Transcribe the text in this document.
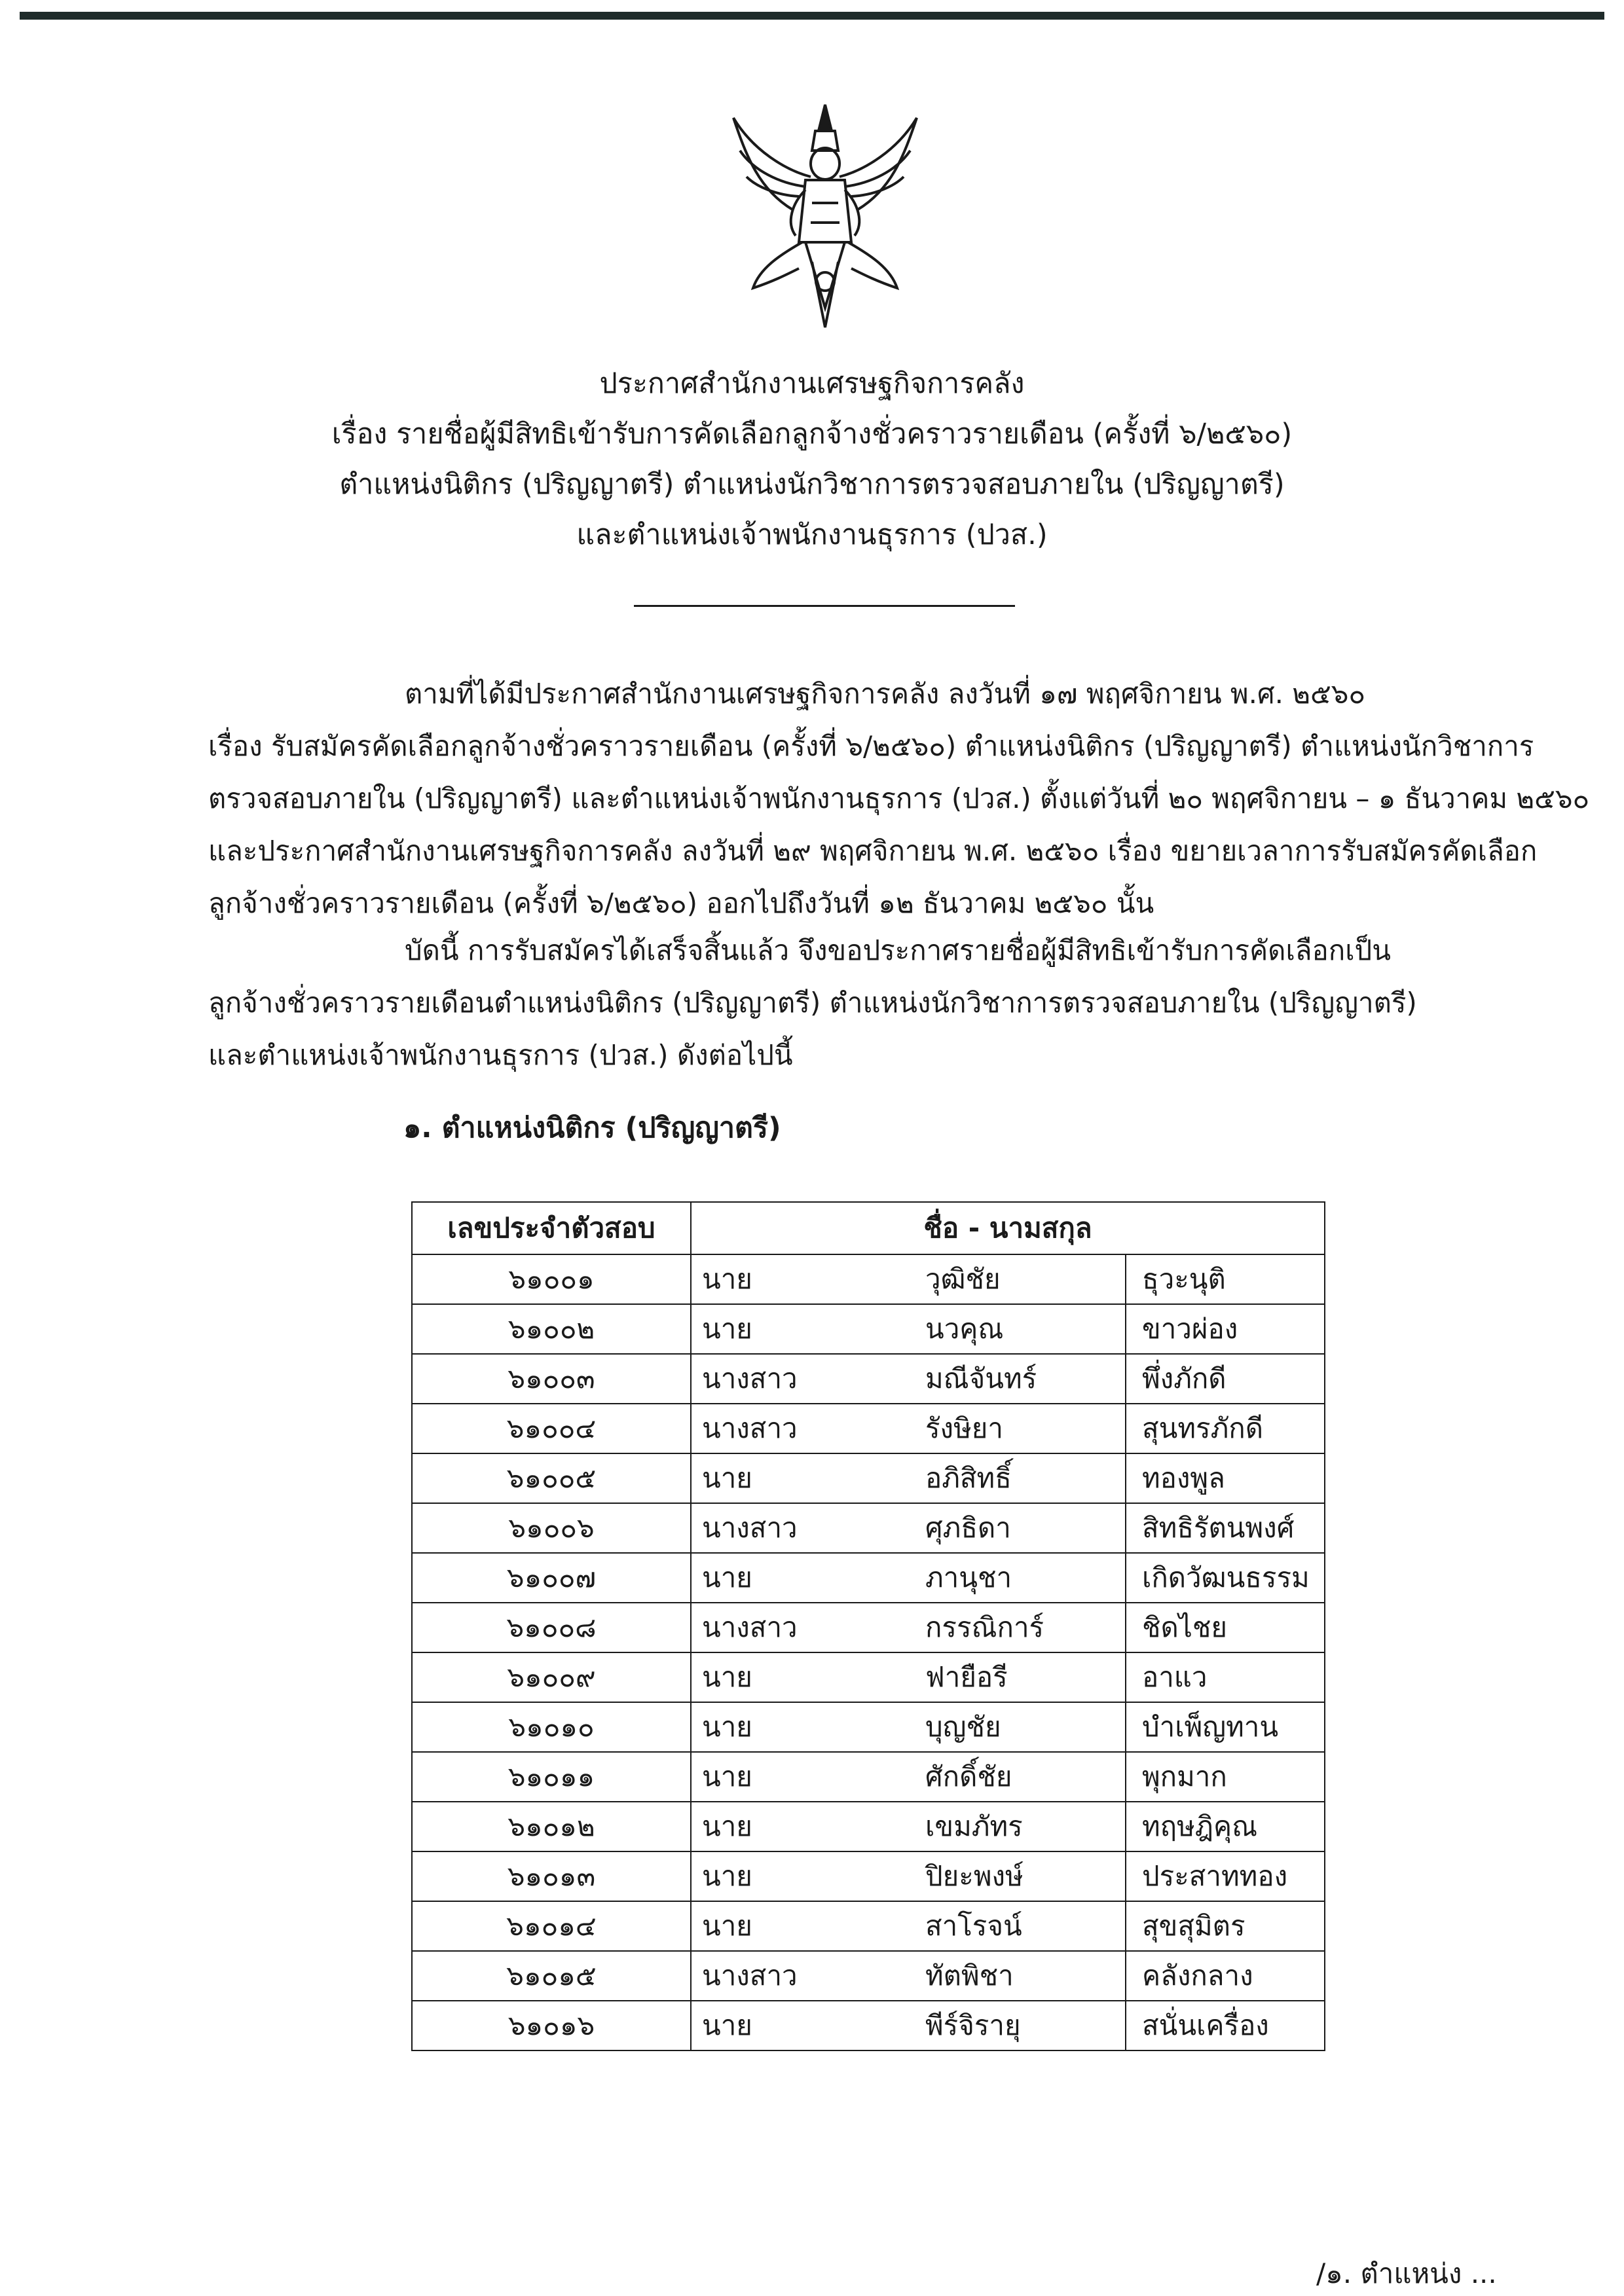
ประกาศสำนักงานเศรษฐกิจการคลัง
เรื่อง รายชื่อผู้มีสิทธิเข้ารับการคัดเลือกลูกจ้างชั่วคราวรายเดือน (ครั้งที่ ๖/๒๕๖๐)
ตำแหน่งนิติกร (ปริญญาตรี) ตำแหน่งนักวิชาการตรวจสอบภายใน (ปริญญาตรี)
และตำแหน่งเจ้าพนักงานธุรการ (ปวส.)
ตามที่ได้มีประกาศสำนักงานเศรษฐกิจการคลัง ลงวันที่ ๑๗ พฤศจิกายน พ.ศ. ๒๕๖๐
เรื่อง รับสมัครคัดเลือกลูกจ้างชั่วคราวรายเดือน (ครั้งที่ ๖/๒๕๖๐) ตำแหน่งนิติกร (ปริญญาตรี) ตำแหน่งนักวิชาการ
ตรวจสอบภายใน (ปริญญาตรี) และตำแหน่งเจ้าพนักงานธุรการ (ปวส.) ตั้งแต่วันที่ ๒๐ พฤศจิกายน – ๑ ธันวาคม ๒๕๖๐
และประกาศสำนักงานเศรษฐกิจการคลัง ลงวันที่ ๒๙ พฤศจิกายน พ.ศ. ๒๕๖๐ เรื่อง ขยายเวลาการรับสมัครคัดเลือก
ลูกจ้างชั่วคราวรายเดือน (ครั้งที่ ๖/๒๕๖๐) ออกไปถึงวันที่ ๑๒ ธันวาคม ๒๕๖๐ นั้น
บัดนี้ การรับสมัครได้เสร็จสิ้นแล้ว จึงขอประกาศรายชื่อผู้มีสิทธิเข้ารับการคัดเลือกเป็น
ลูกจ้างชั่วคราวรายเดือนตำแหน่งนิติกร (ปริญญาตรี) ตำแหน่งนักวิชาการตรวจสอบภายใน (ปริญญาตรี)
และตำแหน่งเจ้าพนักงานธุรการ (ปวส.) ดังต่อไปนี้
๑. ตำแหน่งนิติกร (ปริญญาตรี)
เลขประจำตัวสอบ	ชื่อ - นามสกุล		
๖๑๐๐๑	นาย	วุฒิชัย	ธุวะนุติ
๖๑๐๐๒	นาย	นวคุณ	ขาวผ่อง
๖๑๐๐๓	นางสาว	มณีจันทร์	พึ่งภักดี
๖๑๐๐๔	นางสาว	รังษิยา	สุนทรภักดี
๖๑๐๐๕	นาย	อภิสิทธิ์	ทองพูล
๖๑๐๐๖	นางสาว	ศุภธิดา	สิทธิรัตนพงศ์
๖๑๐๐๗	นาย	ภานุชา	เกิดวัฒนธรรม
๖๑๐๐๘	นางสาว	กรรณิการ์	ชิดไชย
๖๑๐๐๙	นาย	ฟายือรี	อาแว
๖๑๐๑๐	นาย	บุญชัย	บำเพ็ญทาน
๖๑๐๑๑	นาย	ศักดิ์ชัย	พุกมาก
๖๑๐๑๒	นาย	เขมภัทร	ทฤษฎิคุณ
๖๑๐๑๓	นาย	ปิยะพงษ์	ประสาททอง
๖๑๐๑๔	นาย	สาโรจน์	สุขสุมิตร
๖๑๐๑๕	นางสาว	ทัตพิชา	คลังกลาง
๖๑๐๑๖	นาย	พีร์จิรายุ	สนั่นเครื่อง
/๑. ตำแหน่ง ...
